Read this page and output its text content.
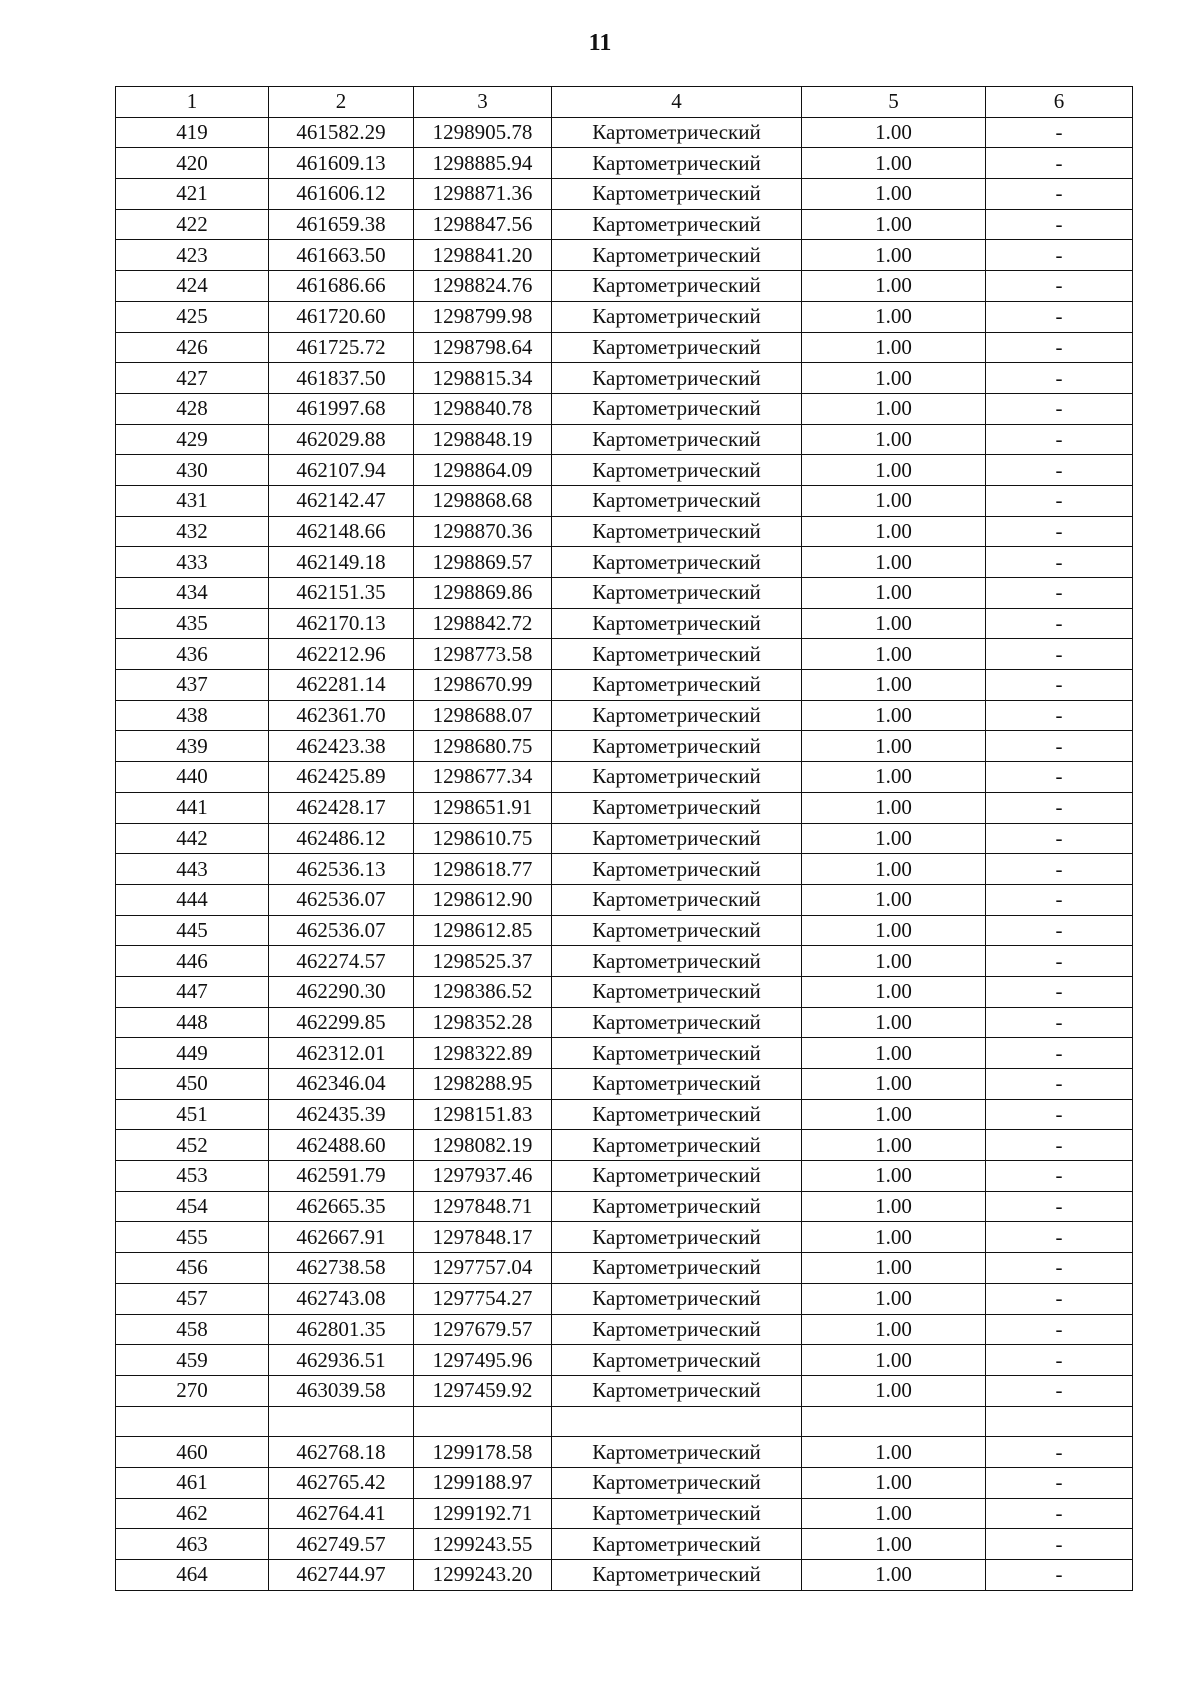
11
1	2	3	4	5	6
419	461582.29	1298905.78	Картометрический	1.00	-
420	461609.13	1298885.94	Картометрический	1.00	-
421	461606.12	1298871.36	Картометрический	1.00	-
422	461659.38	1298847.56	Картометрический	1.00	-
423	461663.50	1298841.20	Картометрический	1.00	-
424	461686.66	1298824.76	Картометрический	1.00	-
425	461720.60	1298799.98	Картометрический	1.00	-
426	461725.72	1298798.64	Картометрический	1.00	-
427	461837.50	1298815.34	Картометрический	1.00	-
428	461997.68	1298840.78	Картометрический	1.00	-
429	462029.88	1298848.19	Картометрический	1.00	-
430	462107.94	1298864.09	Картометрический	1.00	-
431	462142.47	1298868.68	Картометрический	1.00	-
432	462148.66	1298870.36	Картометрический	1.00	-
433	462149.18	1298869.57	Картометрический	1.00	-
434	462151.35	1298869.86	Картометрический	1.00	-
435	462170.13	1298842.72	Картометрический	1.00	-
436	462212.96	1298773.58	Картометрический	1.00	-
437	462281.14	1298670.99	Картометрический	1.00	-
438	462361.70	1298688.07	Картометрический	1.00	-
439	462423.38	1298680.75	Картометрический	1.00	-
440	462425.89	1298677.34	Картометрический	1.00	-
441	462428.17	1298651.91	Картометрический	1.00	-
442	462486.12	1298610.75	Картометрический	1.00	-
443	462536.13	1298618.77	Картометрический	1.00	-
444	462536.07	1298612.90	Картометрический	1.00	-
445	462536.07	1298612.85	Картометрический	1.00	-
446	462274.57	1298525.37	Картометрический	1.00	-
447	462290.30	1298386.52	Картометрический	1.00	-
448	462299.85	1298352.28	Картометрический	1.00	-
449	462312.01	1298322.89	Картометрический	1.00	-
450	462346.04	1298288.95	Картометрический	1.00	-
451	462435.39	1298151.83	Картометрический	1.00	-
452	462488.60	1298082.19	Картометрический	1.00	-
453	462591.79	1297937.46	Картометрический	1.00	-
454	462665.35	1297848.71	Картометрический	1.00	-
455	462667.91	1297848.17	Картометрический	1.00	-
456	462738.58	1297757.04	Картометрический	1.00	-
457	462743.08	1297754.27	Картометрический	1.00	-
458	462801.35	1297679.57	Картометрический	1.00	-
459	462936.51	1297495.96	Картометрический	1.00	-
270	463039.58	1297459.92	Картометрический	1.00	-

460	462768.18	1299178.58	Картометрический	1.00	-
461	462765.42	1299188.97	Картометрический	1.00	-
462	462764.41	1299192.71	Картометрический	1.00	-
463	462749.57	1299243.55	Картометрический	1.00	-
464	462744.97	1299243.20	Картометрический	1.00	-
